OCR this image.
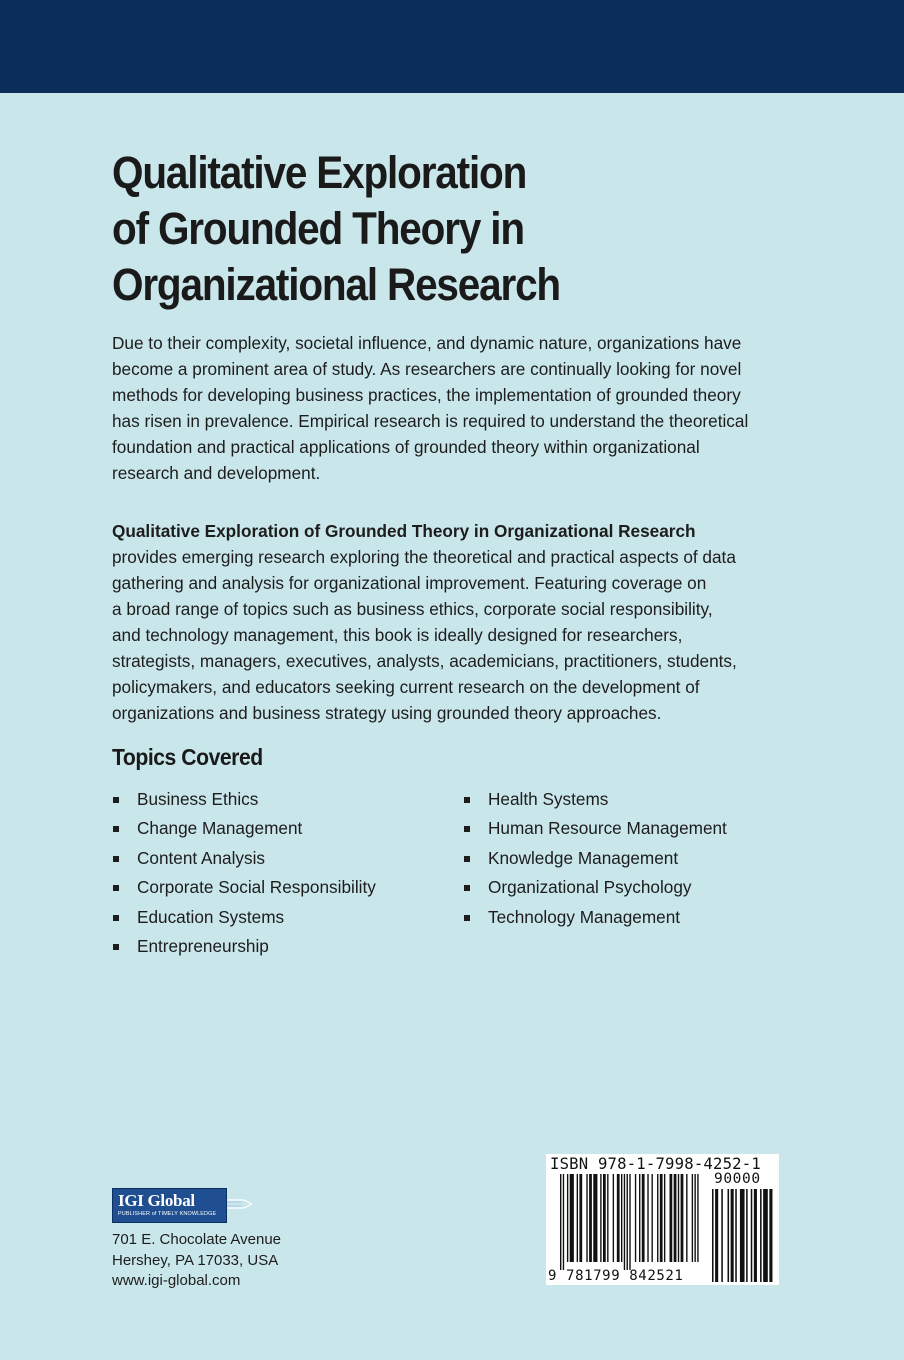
Qualitative Exploration
of Grounded Theory in
Organizational Research
Due to their complexity, societal influence, and dynamic nature, organizations have
become a prominent area of study. As researchers are continually looking for novel
methods for developing business practices, the implementation of grounded theory
has risen in prevalence. Empirical research is required to understand the theoretical
foundation and practical applications of grounded theory within organizational
research and development.
Qualitative Exploration of Grounded Theory in Organizational Research
provides emerging research exploring the theoretical and practical aspects of data
gathering and analysis for organizational improvement. Featuring coverage on
a broad range of topics such as business ethics, corporate social responsibility,
and technology management, this book is ideally designed for researchers,
strategists, managers, executives, analysts, academicians, practitioners, students,
policymakers, and educators seeking current research on the development of
organizations and business strategy using grounded theory approaches.
Topics Covered
Business Ethics
Change Management
Content Analysis
Corporate Social Responsibility
Education Systems
Entrepreneurship
Health Systems
Human Resource Management
Knowledge Management
Organizational Psychology
Technology Management
IGI Global
PUBLISHER of TIMELY KNOWLEDGE
701 E. Chocolate Avenue
Hershey, PA 17033, USA
www.igi-global.com
ISBN 978-1-7998-4252-1
90000
9 781799 842521
